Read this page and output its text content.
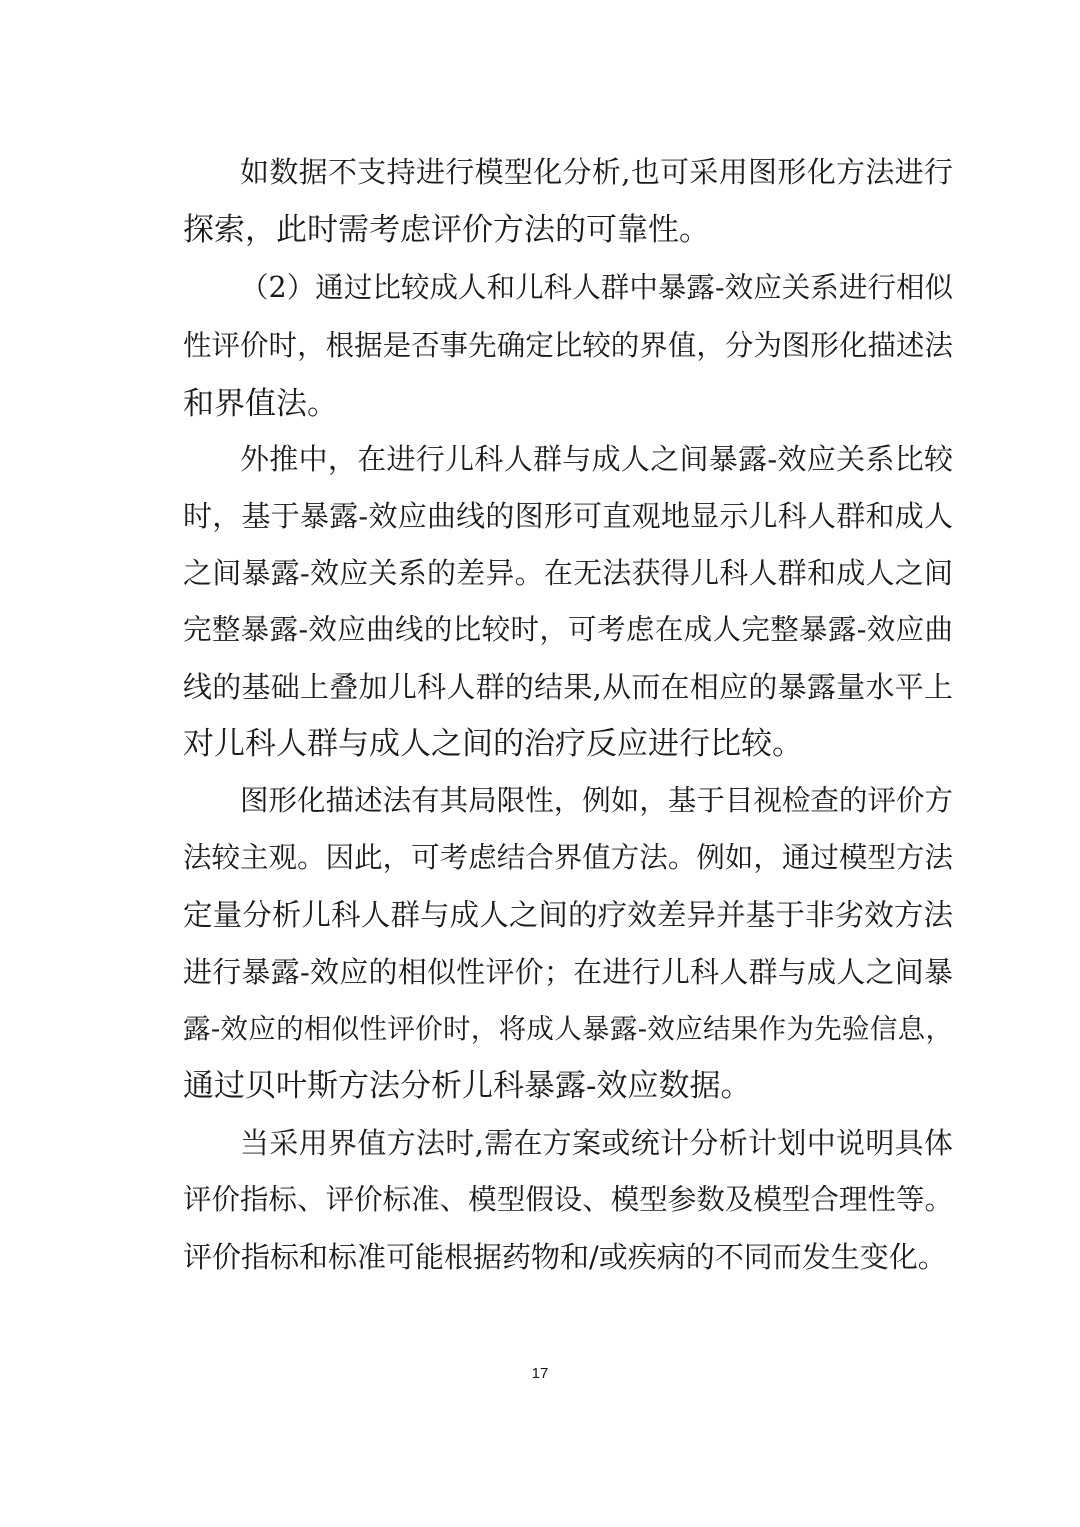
如数据不支持进行模型化分析,也可采用图形化方法进行
探索，此时需考虑评价方法的可靠性。
（2）通过比较成人和儿科人群中暴露-效应关系进行相似
性评价时，根据是否事先确定比较的界值，分为图形化描述法
和界值法。
外推中，在进行儿科人群与成人之间暴露-效应关系比较
时，基于暴露-效应曲线的图形可直观地显示儿科人群和成人
之间暴露-效应关系的差异。在无法获得儿科人群和成人之间
完整暴露-效应曲线的比较时，可考虑在成人完整暴露-效应曲
线的基础上叠加儿科人群的结果,从而在相应的暴露量水平上
对儿科人群与成人之间的治疗反应进行比较。
图形化描述法有其局限性，例如，基于目视检查的评价方
法较主观。因此，可考虑结合界值方法。例如，通过模型方法
定量分析儿科人群与成人之间的疗效差异并基于非劣效方法
进行暴露-效应的相似性评价；在进行儿科人群与成人之间暴
露-效应的相似性评价时，将成人暴露-效应结果作为先验信息，
通过贝叶斯方法分析儿科暴露-效应数据。
当采用界值方法时,需在方案或统计分析计划中说明具体
评价指标、评价标准、模型假设、模型参数及模型合理性等。
评价指标和标准可能根据药物和/或疾病的不同而发生变化。
17
